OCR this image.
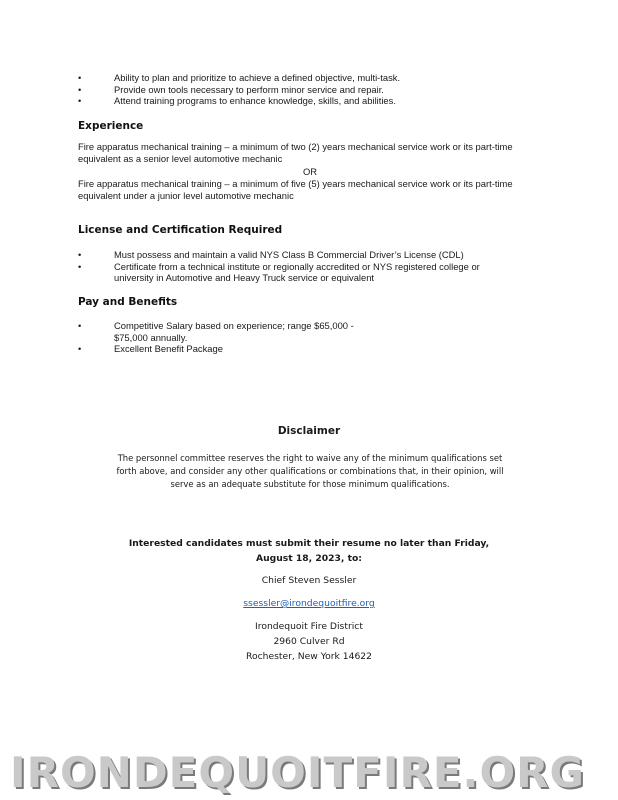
•	Ability to plan and prioritize to achieve a defined objective, multi-task.
•	Provide own tools necessary to perform minor service and repair.
•	Attend training programs to enhance knowledge, skills, and abilities.
Experience

Fire apparatus mechanical training – a minimum of two (2) years mechanical service work or its part-time equivalent as a senior level automotive mechanic

OR

Fire apparatus mechanical training – a minimum of five (5) years mechanical service work or its part-time equivalent under a junior level automotive mechanic

License and Certification Required
•	Must possess and maintain a valid NYS Class B Commercial Driver’s License (CDL)
•	Certificate from a technical institute or regionally accredited or NYS registered college or university in Automotive and Heavy Truck service or equivalent
Pay and Benefits
•	Competitive Salary based on experience; range $65,000 - $75,000 annually.
•	Excellent Benefit Package
Disclaimer
The personnel committee reserves the right to waive any of the minimum qualifications set forth above, and consider any other qualifications or combinations that, in their opinion, will serve as an adequate substitute for those minimum qualifications.
Interested candidates must submit their resume no later than Friday, August 18, 2023, to:
Chief Steven Sessler
ssessler@irondequoitfire.org
Irondequoit Fire District
2960 Culver Rd
Rochester, New York 14622
IRONDEQUOITFIRE.ORG
